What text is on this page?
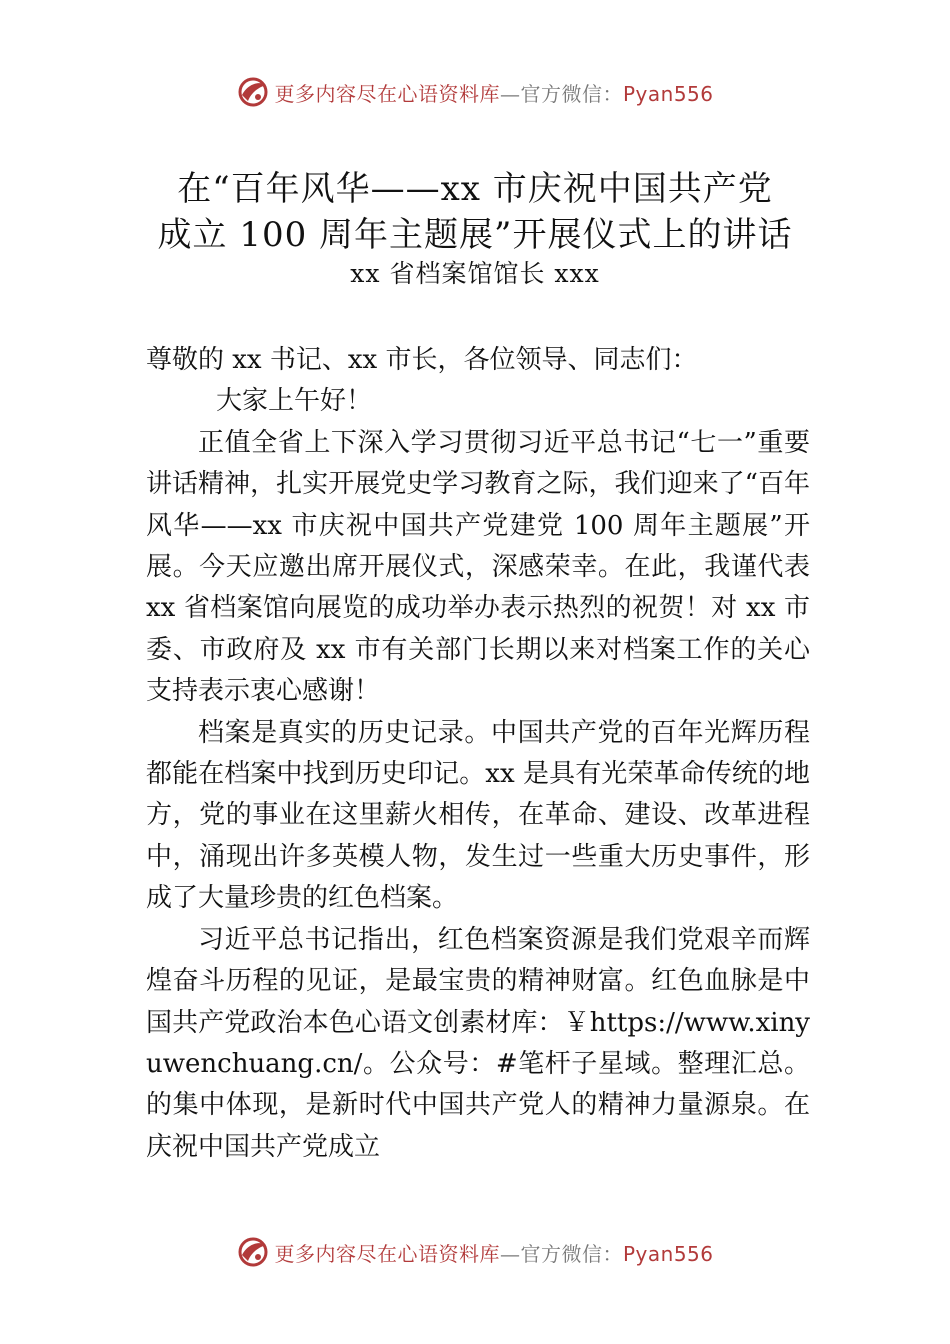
更多内容尽在心语资料库—官方微信：Pyan556
在“百年风华——xx 市庆祝中国共产党
成立 100 周年主题展”开展仪式上的讲话
xx 省档案馆馆长 xxx

尊敬的 xx 书记、xx 市长，各位领导、同志们：

大家上午好！

正值全省上下深入学习贯彻习近平总书记“七一”重要讲话精神，扎实开展党史学习教育之际，我们迎来了“百年风华——xx 市庆祝中国共产党建党 100 周年主题展”开展。今天应邀出席开展仪式，深感荣幸。在此，我谨代表 xx 省档案馆向展览的成功举办表示热烈的祝贺！对 xx 市委、市政府及 xx 市有关部门长期以来对档案工作的关心支持表示衷心感谢！

档案是真实的历史记录。中国共产党的百年光辉历程都能在档案中找到历史印记。xx 是具有光荣革命传统的地方，党的事业在这里薪火相传，在革命、建设、改革进程中，涌现出许多英模人物，发生过一些重大历史事件，形成了大量珍贵的红色档案。

习近平总书记指出，红色档案资源是我们党艰辛而辉煌奋斗历程的见证，是最宝贵的精神财富。红色血脉是中国共产党政治本色心语文创素材库：￥https://www.xinyuwenchuang.cn/。公众号：#笔杆子星域。整理汇总。的集中体现，是新时代中国共产党人的精神力量源泉。在庆祝中国共产党成立

更多内容尽在心语资料库—官方微信：Pyan556
